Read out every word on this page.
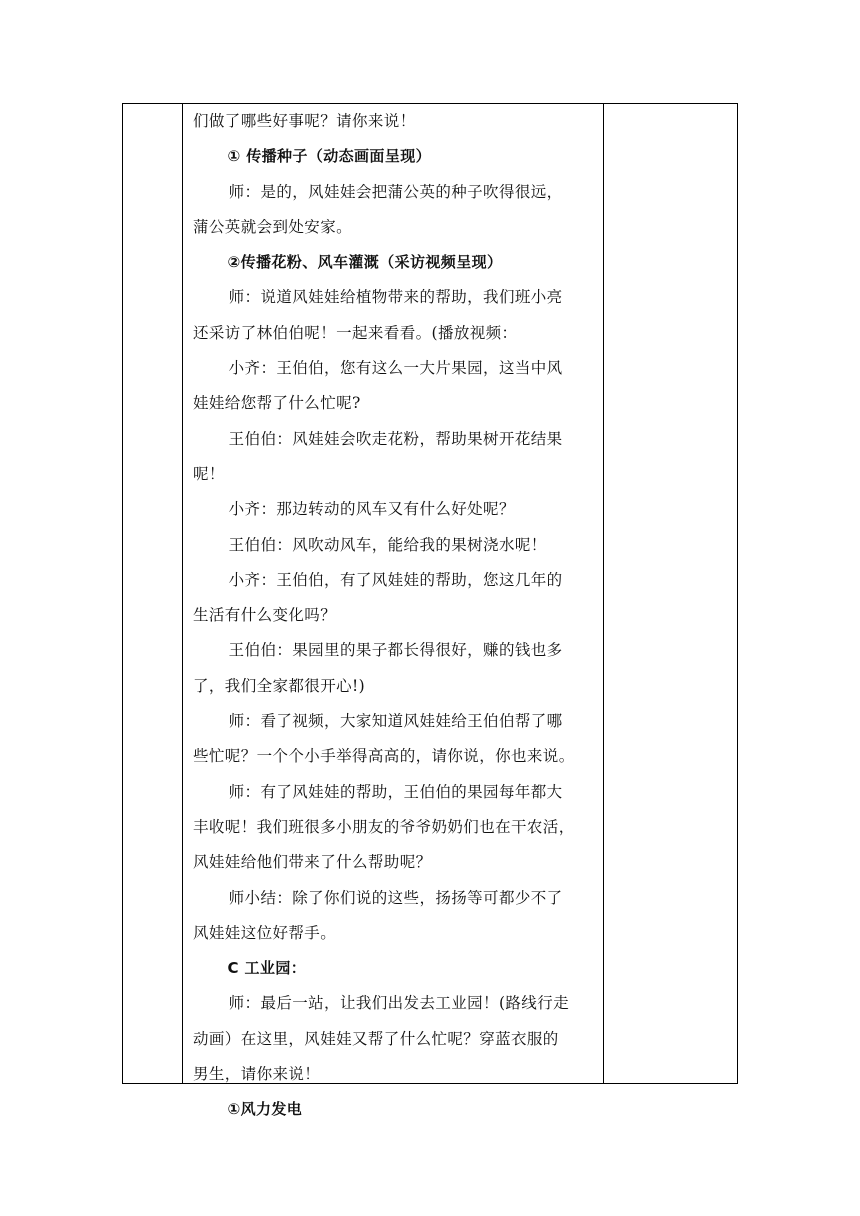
们做了哪些好事呢？请你来说！
① 传播种子（动态画面呈现）
师：是的，风娃娃会把蒲公英的种子吹得很远，
蒲公英就会到处安家。
②传播花粉、风车灌溉（采访视频呈现）
师：说道风娃娃给植物带来的帮助，我们班小亮
还采访了林伯伯呢！一起来看看。(播放视频：
小齐：王伯伯，您有这么一大片果园，这当中风
娃娃给您帮了什么忙呢?
王伯伯：风娃娃会吹走花粉，帮助果树开花结果
呢！
小齐：那边转动的风车又有什么好处呢？
王伯伯：风吹动风车，能给我的果树浇水呢！
小齐：王伯伯，有了风娃娃的帮助，您这几年的
生活有什么变化吗？
王伯伯：果园里的果子都长得很好，赚的钱也多
了，我们全家都很开心!)
师：看了视频，大家知道风娃娃给王伯伯帮了哪
些忙呢？一个个小手举得高高的，请你说，你也来说。
师：有了风娃娃的帮助，王伯伯的果园每年都大
丰收呢！我们班很多小朋友的爷爷奶奶们也在干农活，
风娃娃给他们带来了什么帮助呢？
师小结：除了你们说的这些，扬扬等可都少不了
风娃娃这位好帮手。
C 工业园：
师：最后一站，让我们出发去工业园！(路线行走
动画）在这里，风娃娃又帮了什么忙呢？穿蓝衣服的
男生，请你来说！
①风力发电
